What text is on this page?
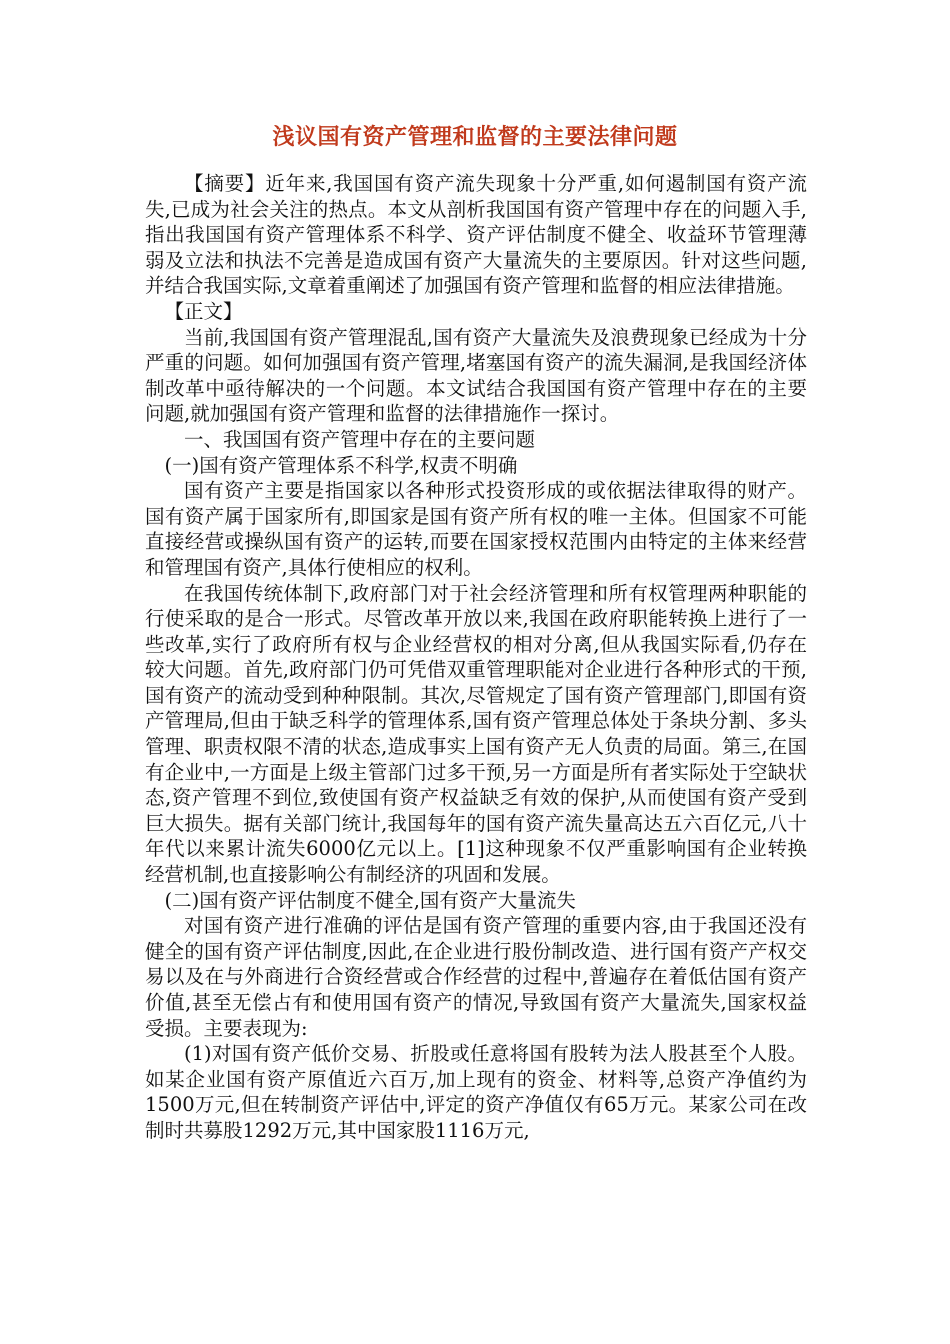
浅议国有资产管理和监督的主要法律问题

【摘要】近年来,我国国有资产流失现象十分严重,如何遏制国有资产流失,已成为社会关注的热点。本文从剖析我国国有资产管理中存在的问题入手,指出我国国有资产管理体系不科学、资产评估制度不健全、收益环节管理薄弱及立法和执法不完善是造成国有资产大量流失的主要原因。针对这些问题,并结合我国实际,文章着重阐述了加强国有资产管理和监督的相应法律措施。

【正文】

当前,我国国有资产管理混乱,国有资产大量流失及浪费现象已经成为十分严重的问题。如何加强国有资产管理,堵塞国有资产的流失漏洞,是我国经济体制改革中亟待解决的一个问题。本文试结合我国国有资产管理中存在的主要问题,就加强国有资产管理和监督的法律措施作一探讨。

一、我国国有资产管理中存在的主要问题

(一)国有资产管理体系不科学,权责不明确

国有资产主要是指国家以各种形式投资形成的或依据法律取得的财产。国有资产属于国家所有,即国家是国有资产所有权的唯一主体。但国家不可能直接经营或操纵国有资产的运转,而要在国家授权范围内由特定的主体来经营和管理国有资产,具体行使相应的权利。

在我国传统体制下,政府部门对于社会经济管理和所有权管理两种职能的行使采取的是合一形式。尽管改革开放以来,我国在政府职能转换上进行了一些改革,实行了政府所有权与企业经营权的相对分离,但从我国实际看,仍存在较大问题。首先,政府部门仍可凭借双重管理职能对企业进行各种形式的干预,国有资产的流动受到种种限制。其次,尽管规定了国有资产管理部门,即国有资产管理局,但由于缺乏科学的管理体系,国有资产管理总体处于条块分割、多头管理、职责权限不清的状态,造成事实上国有资产无人负责的局面。第三,在国有企业中,一方面是上级主管部门过多干预,另一方面是所有者实际处于空缺状态,资产管理不到位,致使国有资产权益缺乏有效的保护,从而使国有资产受到巨大损失。据有关部门统计,我国每年的国有资产流失量高达五六百亿元,八十年代以来累计流失6000亿元以上。[1]这种现象不仅严重影响国有企业转换经营机制,也直接影响公有制经济的巩固和发展。

(二)国有资产评估制度不健全,国有资产大量流失

对国有资产进行准确的评估是国有资产管理的重要内容,由于我国还没有健全的国有资产评估制度,因此,在企业进行股份制改造、进行国有资产产权交易以及在与外商进行合资经营或合作经营的过程中,普遍存在着低估国有资产价值,甚至无偿占有和使用国有资产的情况,导致国有资产大量流失,国家权益受损。主要表现为:

(1)对国有资产低价交易、折股或任意将国有股转为法人股甚至个人股。如某企业国有资产原值近六百万,加上现有的资金、材料等,总资产净值约为1500万元,但在转制资产评估中,评定的资产净值仅有65万元。某家公司在改制时共募股1292万元,其中国家股1116万元,
